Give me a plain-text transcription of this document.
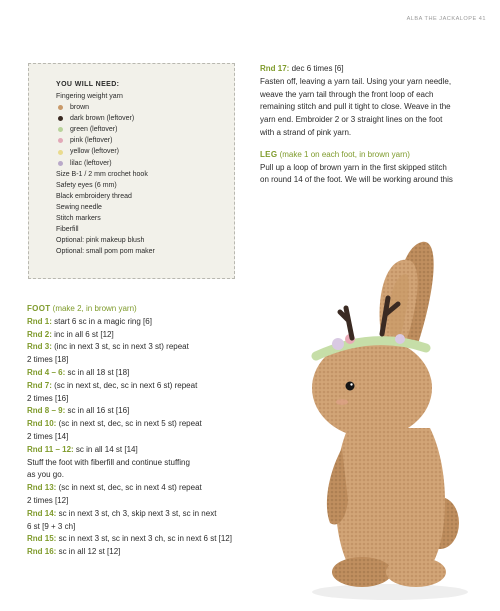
ALBA THE JACKALOPE 41
YOU WILL NEED:
Fingering weight yarn
brown
dark brown (leftover)
green (leftover)
pink (leftover)
yellow (leftover)
lilac (leftover)
Size B-1 / 2 mm crochet hook
Safety eyes (6 mm)
Black embroidery thread
Sewing needle
Stitch markers
Fiberfill
Optional: pink makeup blush
Optional: small pom pom maker
FOOT (make 2, in brown yarn)
Rnd 1: start 6 sc in a magic ring [6]
Rnd 2: inc in all 6 st [12]
Rnd 3: (inc in next 3 st, sc in next 3 st) repeat
2 times [18]
Rnd 4 – 6: sc in all 18 st [18]
Rnd 7: (sc in next st, dec, sc in next 6 st) repeat
2 times [16]
Rnd 8 – 9: sc in all 16 st [16]
Rnd 10: (sc in next st, dec, sc in next 5 st) repeat
2 times [14]
Rnd 11 – 12: sc in all 14 st [14]
Stuff the foot with fiberfill and continue stuffing
as you go.
Rnd 13: (sc in next st, dec, sc in next 4 st) repeat
2 times [12]
Rnd 14: sc in next 3 st, ch 3, skip next 3 st, sc in next
6 st [9 + 3 ch]
Rnd 15: sc in next 3 st, sc in next 3 ch, sc in next 6 st [12]
Rnd 16: sc in all 12 st [12]
Rnd 17: dec 6 times [6]
Fasten off, leaving a yarn tail. Using your yarn needle,
weave the yarn tail through the front loop of each
remaining stitch and pull it tight to close. Weave in the
yarn end. Embroider 2 or 3 straight lines on the foot
with a strand of pink yarn.
LEG (make 1 on each foot, in brown yarn)
Pull up a loop of brown yarn in the first skipped stitch
on round 14 of the foot. We will be working around this
